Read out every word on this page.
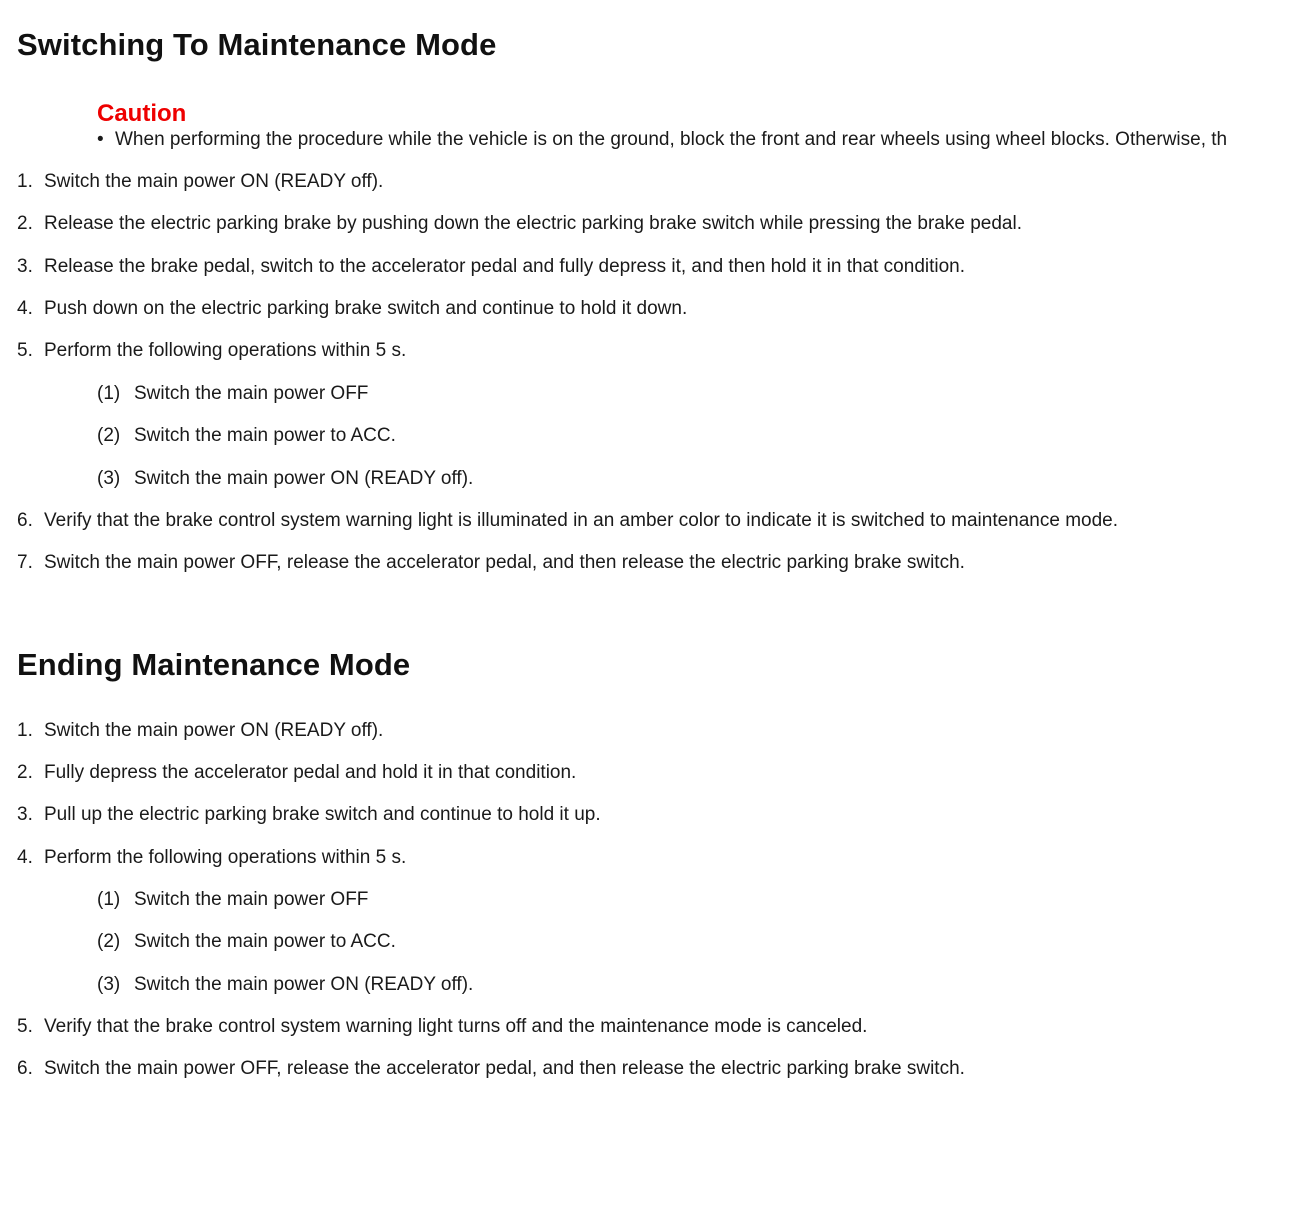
Switching To Maintenance Mode
Caution
• When performing the procedure while the vehicle is on the ground, block the front and rear wheels using wheel blocks. Otherwise, th
1. Switch the main power ON (READY off).
2. Release the electric parking brake by pushing down the electric parking brake switch while pressing the brake pedal.
3. Release the brake pedal, switch to the accelerator pedal and fully depress it, and then hold it in that condition.
4. Push down on the electric parking brake switch and continue to hold it down.
5. Perform the following operations within 5 s.
(1) Switch the main power OFF
(2) Switch the main power to ACC.
(3) Switch the main power ON (READY off).
6. Verify that the brake control system warning light is illuminated in an amber color to indicate it is switched to maintenance mode.
7. Switch the main power OFF, release the accelerator pedal, and then release the electric parking brake switch.
Ending Maintenance Mode
1. Switch the main power ON (READY off).
2. Fully depress the accelerator pedal and hold it in that condition.
3. Pull up the electric parking brake switch and continue to hold it up.
4. Perform the following operations within 5 s.
(1) Switch the main power OFF
(2) Switch the main power to ACC.
(3) Switch the main power ON (READY off).
5. Verify that the brake control system warning light turns off and the maintenance mode is canceled.
6. Switch the main power OFF, release the accelerator pedal, and then release the electric parking brake switch.
